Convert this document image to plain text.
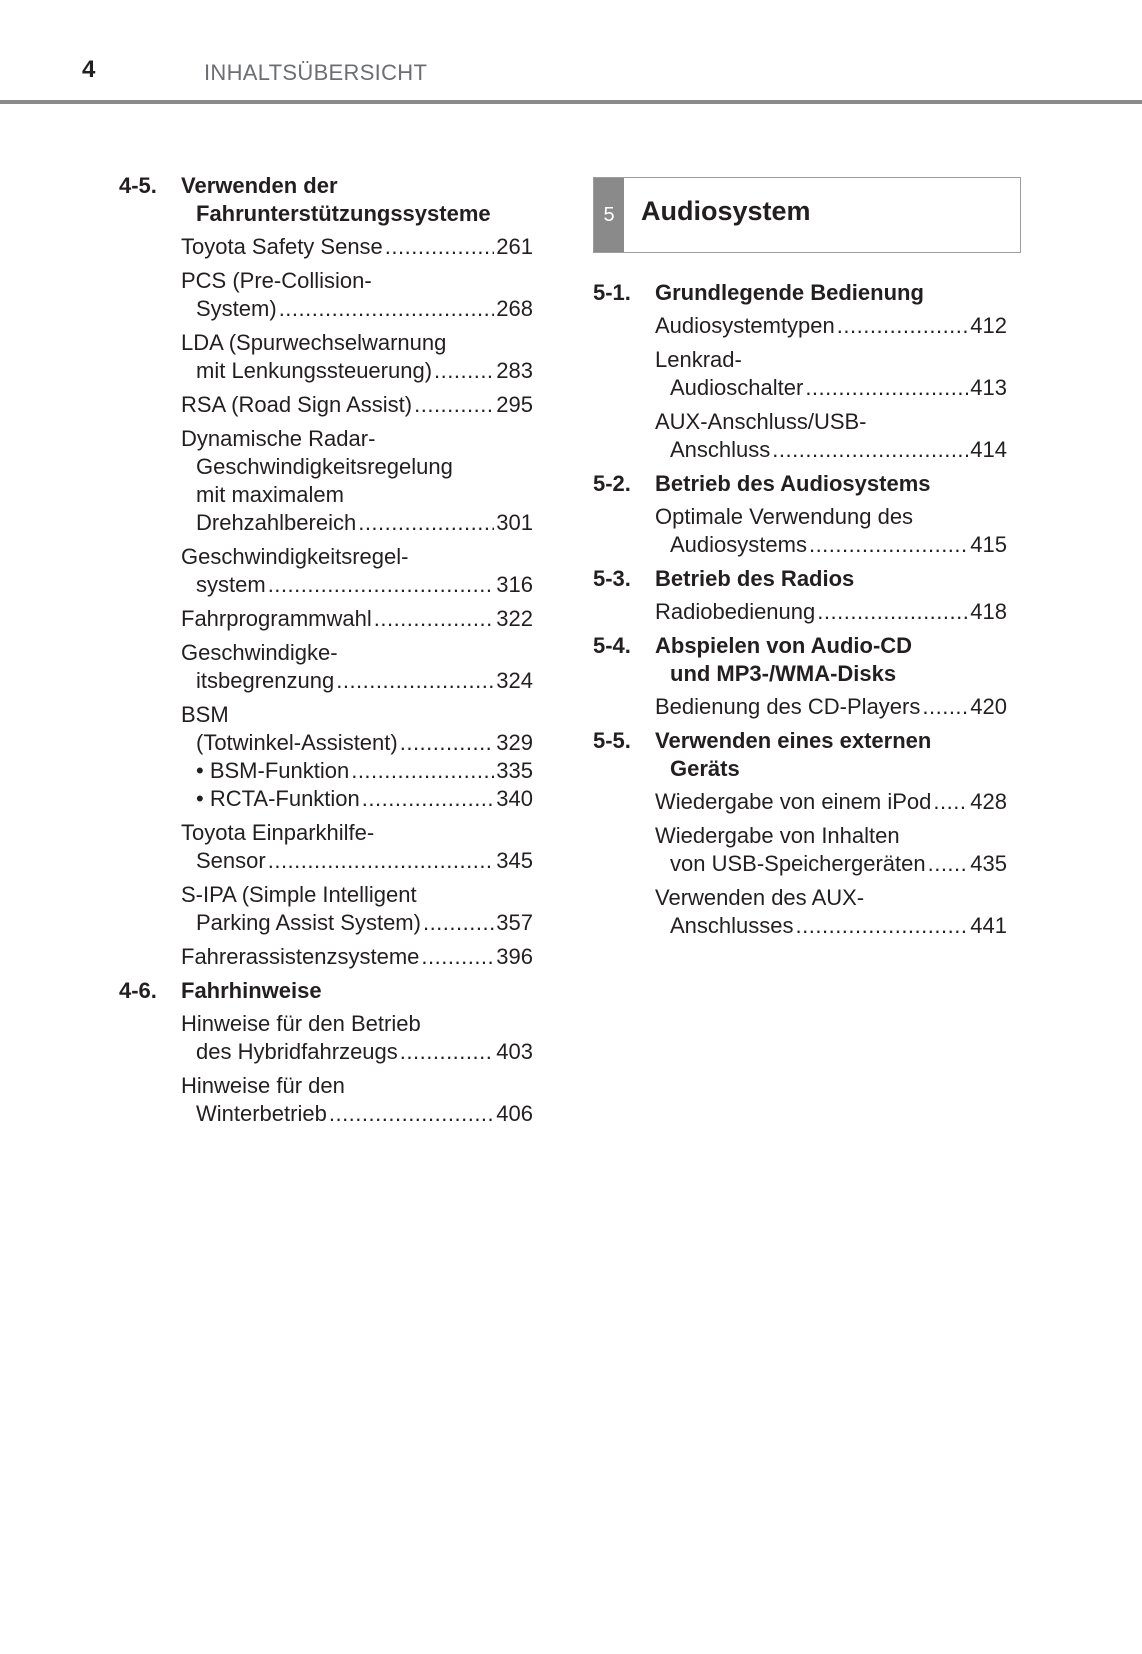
4	INHALTSÜBERSICHT
4-5. Verwenden der
Fahrunterstützungssysteme
Toyota Safety Sense .....	261
PCS (Pre-Collision-
System) .....	268
LDA (Spurwechselwarnung
mit Lenkungssteuerung) .....	283
RSA (Road Sign Assist) .....	295
Dynamische Radar-
Geschwindigkeitsregelung
mit maximalem
Drehzahlbereich .....	301
Geschwindigkeitsregel-
system .....	316
Fahrprogrammwahl .....	322
Geschwindigke-
itsbegrenzung .....	324
BSM
(Totwinkel-Assistent) .....	329
• BSM-Funktion .....	335
• RCTA-Funktion .....	340
Toyota Einparkhilfe-
Sensor .....	345
S-IPA (Simple Intelligent
Parking Assist System) .....	357
Fahrerassistenzsysteme .....	396
4-6. Fahrhinweise
Hinweise für den Betrieb
des Hybridfahrzeugs .....	403
Hinweise für den
Winterbetrieb .....	406
5 Audiosystem
5-1. Grundlegende Bedienung
Audiosystemtypen .....	412
Lenkrad-
Audioschalter .....	413
AUX-Anschluss/USB-
Anschluss .....	414
5-2. Betrieb des Audiosystems
Optimale Verwendung des
Audiosystems .....	415
5-3. Betrieb des Radios
Radiobedienung .....	418
5-4. Abspielen von Audio-CD
und MP3-/WMA-Disks
Bedienung des CD-Players ..... 420
5-5. Verwenden eines externen
Geräts
Wiedergabe von einem iPod ..... 428
Wiedergabe von Inhalten
von USB-Speichergeräten ..... 435
Verwenden des AUX-
Anschlusses .....	441
